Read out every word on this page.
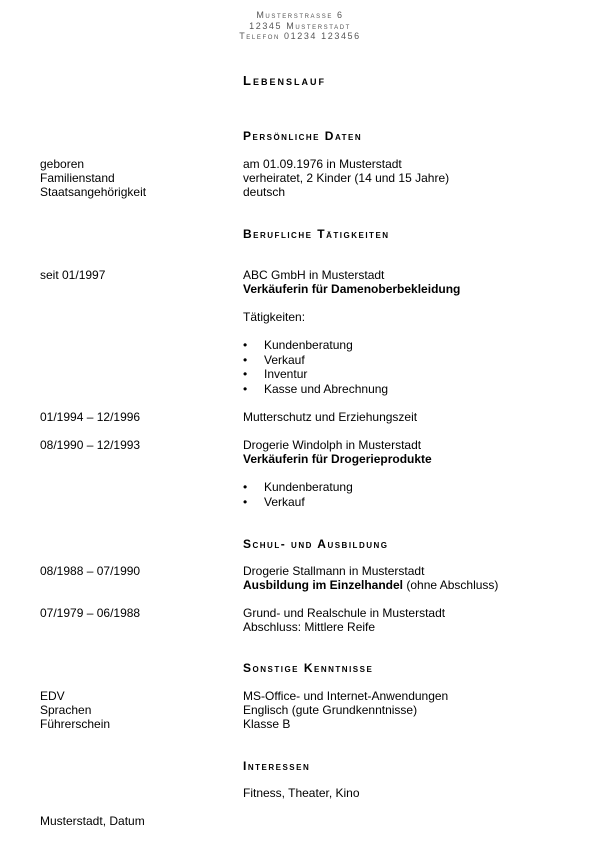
Musterstrasse 6
12345 Musterstadt
Telefon 01234 123456
Lebenslauf
Persönliche Daten
geboren	am 01.09.1976 in Musterstadt
Familienstand	verheiratet, 2 Kinder (14 und 15 Jahre)
Staatsangehörigkeit	deutsch
Berufliche Tätigkeiten
seit 01/1997	ABC GmbH in Musterstadt
Verkäuferin für Damenoberbekleidung
Tätigkeiten:
• Kundenberatung
• Verkauf
• Inventur
• Kasse und Abrechnung
01/1994 – 12/1996	Mutterschutz und Erziehungszeit
08/1990 – 12/1993	Drogerie Windolph in Musterstadt
Verkäuferin für Drogerieprodukte
• Kundenberatung
• Verkauf
Schul- und Ausbildung
08/1988 – 07/1990	Drogerie Stallmann in Musterstadt
Ausbildung im Einzelhandel (ohne Abschluss)
07/1979 – 06/1988	Grund- und Realschule in Musterstadt
Abschluss: Mittlere Reife
Sonstige Kenntnisse
EDV	MS-Office- und Internet-Anwendungen
Sprachen	Englisch (gute Grundkenntnisse)
Führerschein	Klasse B
Interessen
Fitness, Theater, Kino
Musterstadt, Datum
